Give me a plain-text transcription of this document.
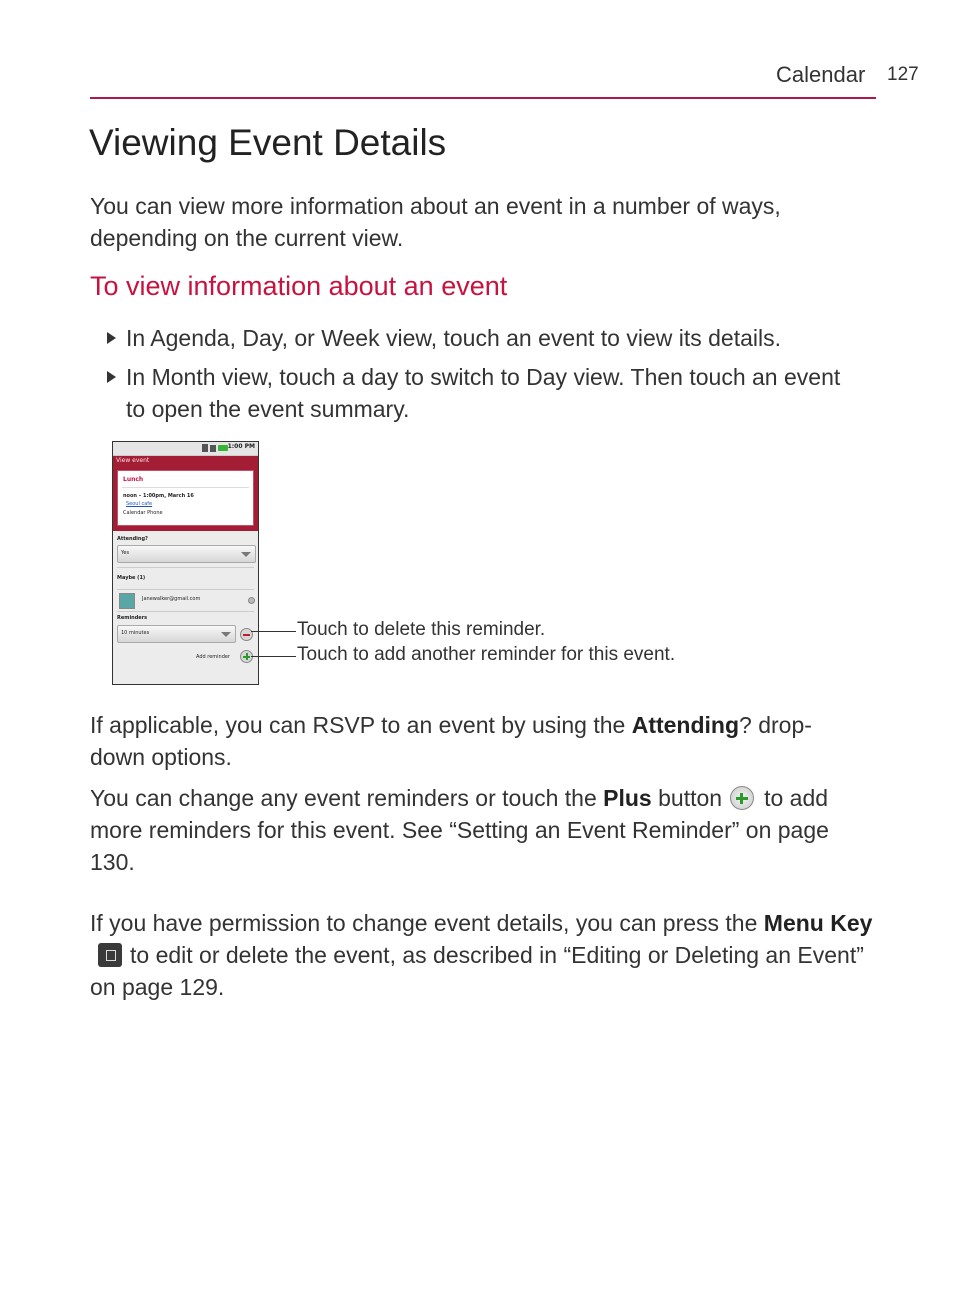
Calendar 127
Viewing Event Details

You can view more information about an event in a number of ways, depending on the current view.

To view information about an event
In Agenda, Day, or Week view, touch an event to view its details.
In Month view, touch a day to switch to Day view. Then touch an event to open the event summary.
1:00 PM
View event
Lunch
noon – 1:00pm, March 16
Seoul cafe
Calendar Phone
Attending?
Yes
Maybe (1)
Janewalker@gmail.com
Reminders
10 minutes
Add reminder
Touch to delete this reminder.
Touch to add another reminder for this event.

If applicable, you can RSVP to an event by using the Attending? drop-down options.

You can change any event reminders or touch the Plus button to add more reminders for this event. See “Setting an Event Reminder” on page 130.

If you have permission to change event details, you can press the Menu Keyto edit or delete the event, as described in “Editing or Deleting an Event” on page 129.
